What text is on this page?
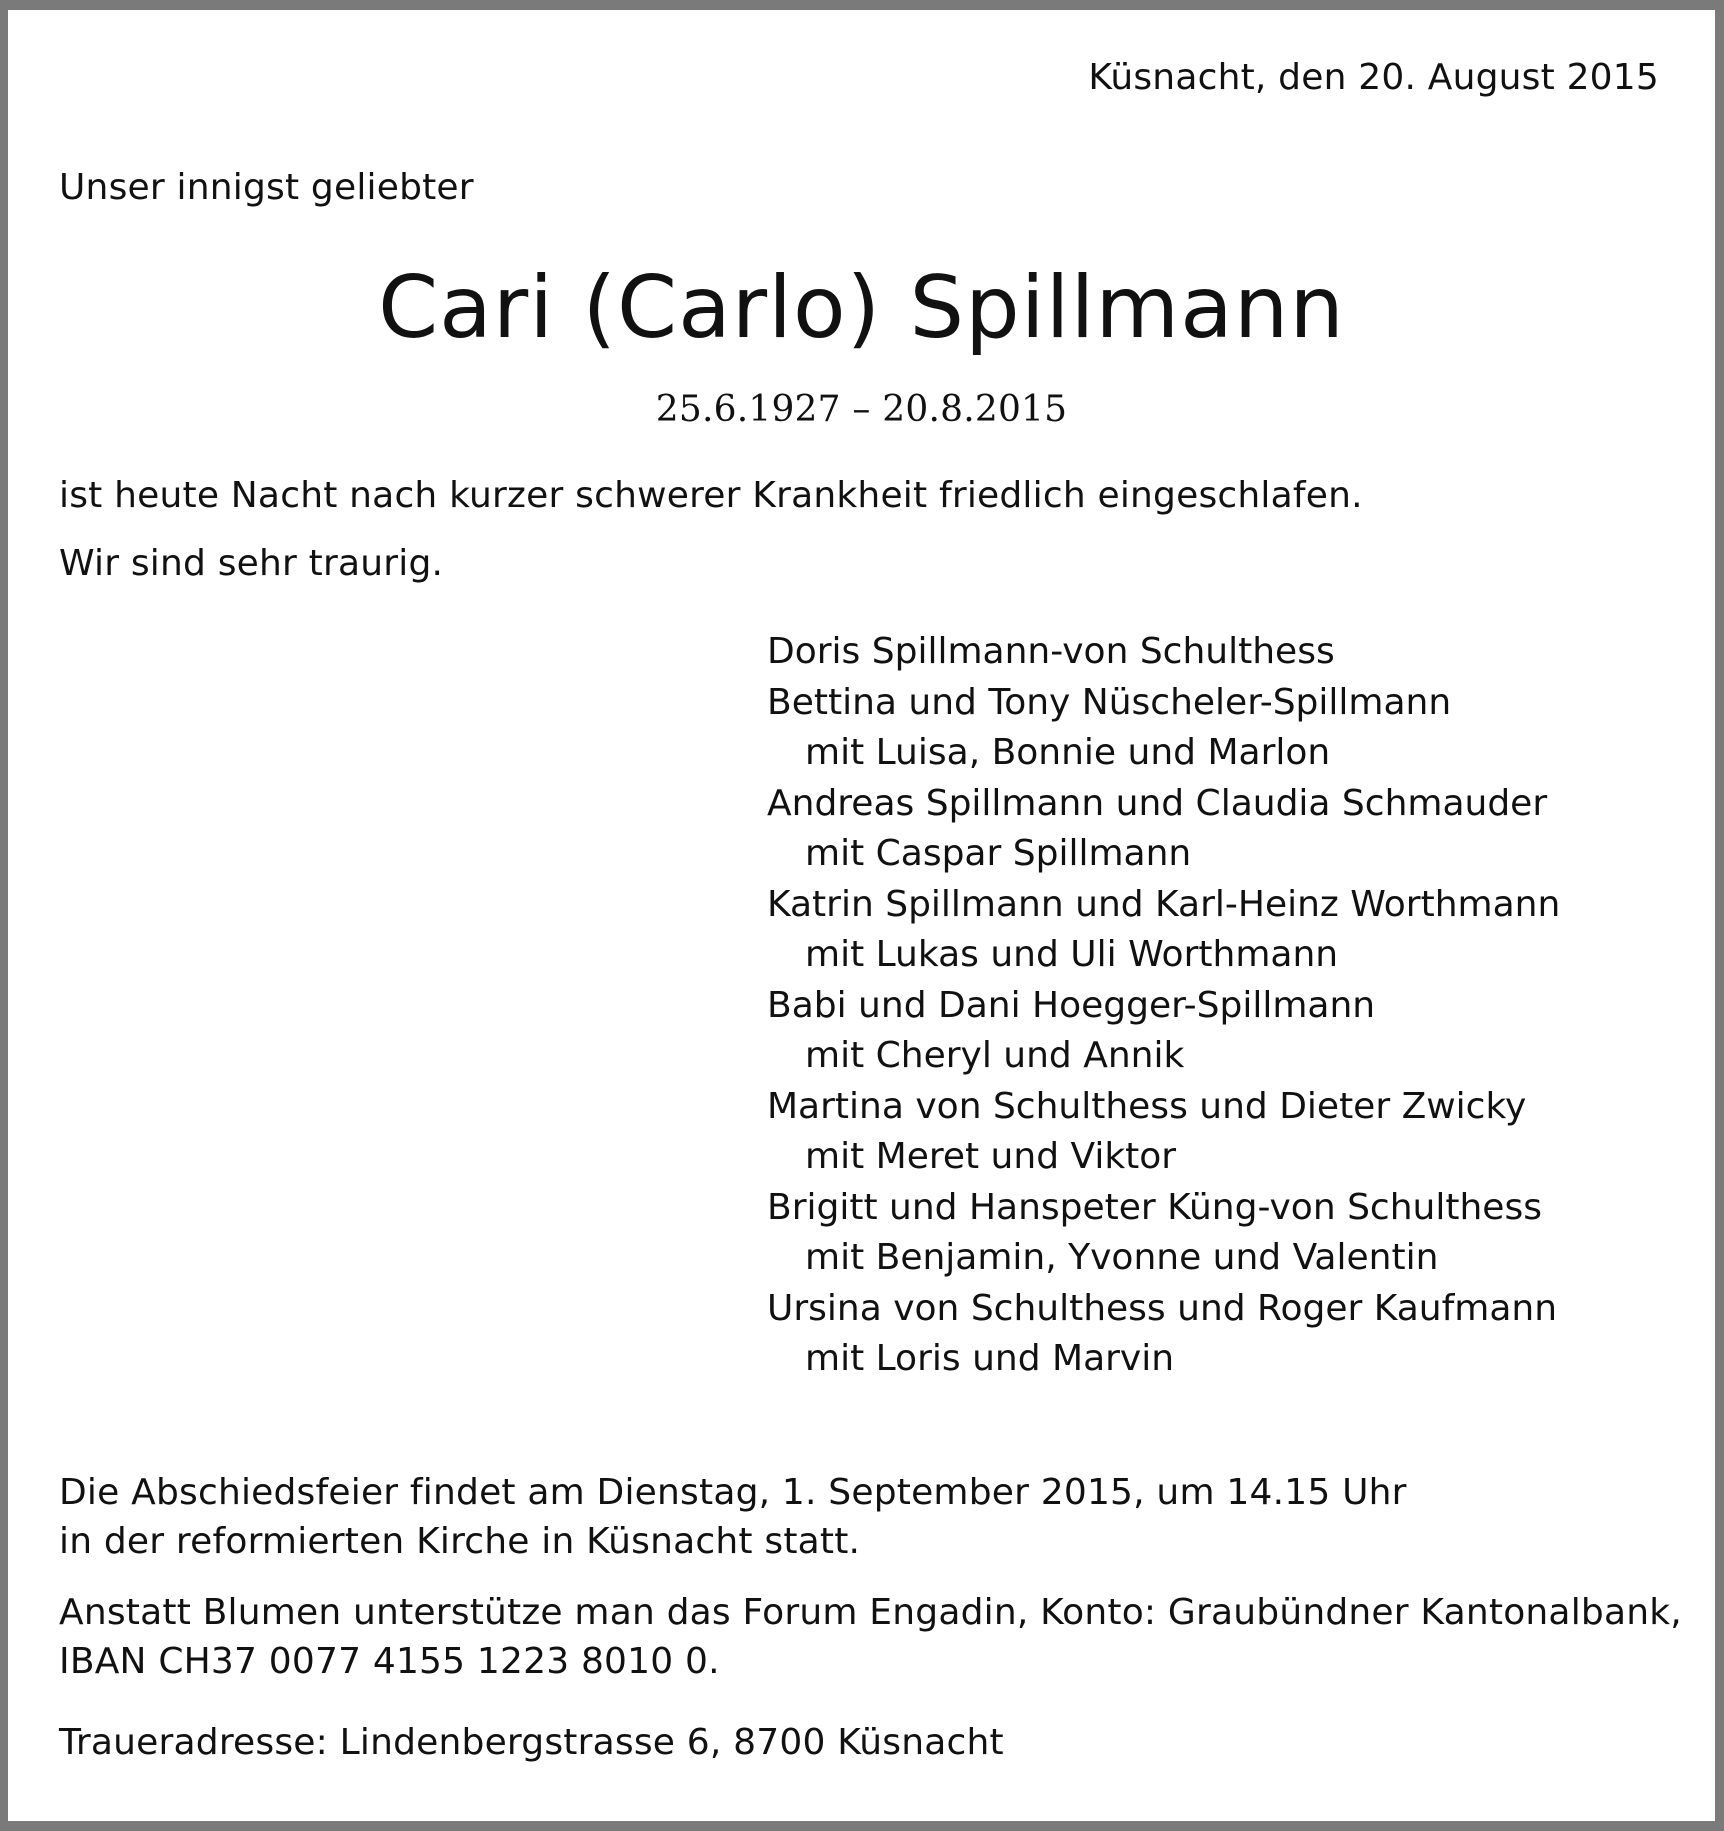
Küsnacht, den 20. August 2015
Unser innigst geliebter
Cari (Carlo) Spillmann
25.6.1927 – 20.8.2015
ist heute Nacht nach kurzer schwerer Krankheit friedlich eingeschlafen.
Wir sind sehr traurig.
Doris Spillmann-von Schulthess
Bettina und Tony Nüscheler-Spillmann
mit Luisa, Bonnie und Marlon
Andreas Spillmann und Claudia Schmauder
mit Caspar Spillmann
Katrin Spillmann und Karl-Heinz Worthmann
mit Lukas und Uli Worthmann
Babi und Dani Hoegger-Spillmann
mit Cheryl und Annik
Martina von Schulthess und Dieter Zwicky
mit Meret und Viktor
Brigitt und Hanspeter Küng-von Schulthess
mit Benjamin, Yvonne und Valentin
Ursina von Schulthess und Roger Kaufmann
mit Loris und Marvin
Die Abschiedsfeier findet am Dienstag, 1. September 2015, um 14.15 Uhr
in der reformierten Kirche in Küsnacht statt.
Anstatt Blumen unterstütze man das Forum Engadin, Konto: Graubündner Kantonalbank,
IBAN CH37 0077 4155 1223 8010 0.
Traueradresse: Lindenbergstrasse 6, 8700 Küsnacht
